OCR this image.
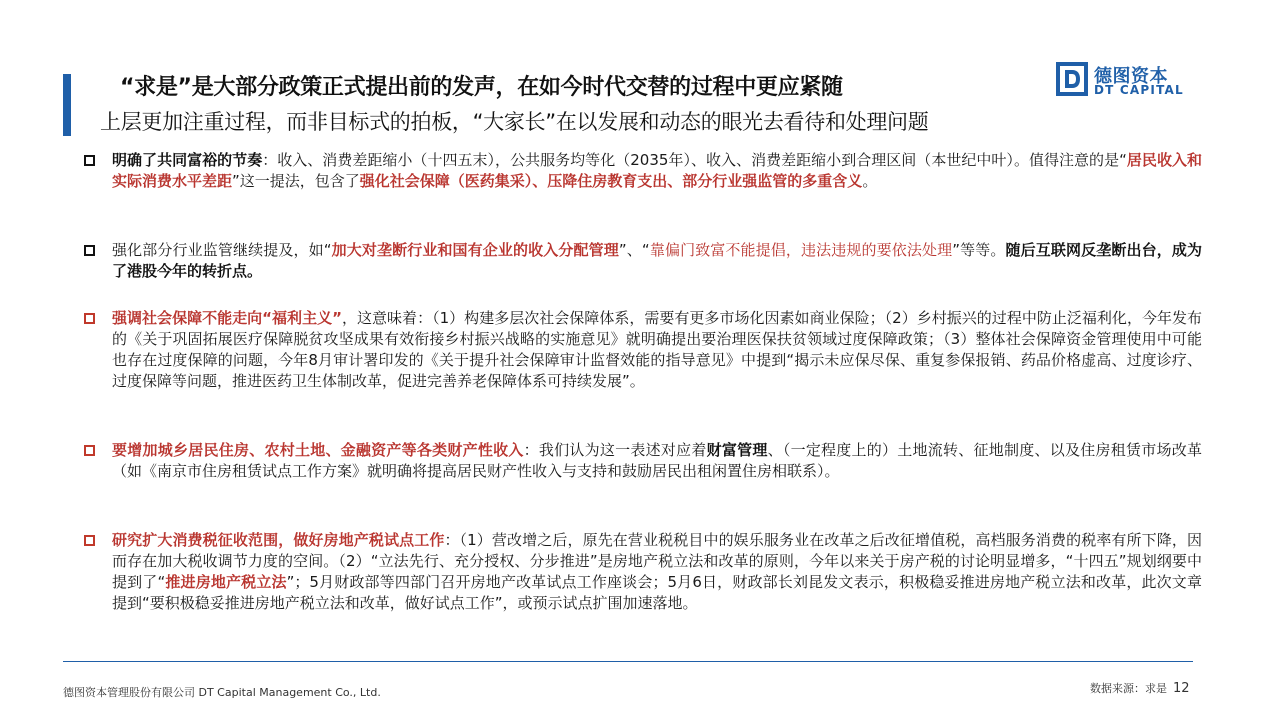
“求是”是大部分政策正式提出前的发声，在如今时代交替的过程中更应紧随
上层更加注重过程，而非目标式的拍板，“大家长”在以发展和动态的眼光去看待和处理问题
德图资本
DT CAPITAL
明确了共同富裕的节奏：收入、消费差距缩小（十四五末），公共服务均等化（2035年）、收入、消费差距缩小到合理区间（本世纪中叶）。值得注意的是“居民收入和实际消费水平差距”这一提法，包含了强化社会保障（医药集采）、压降住房教育支出、部分行业强监管的多重含义。
强化部分行业监管继续提及，如“加大对垄断行业和国有企业的收入分配管理”、“靠偏门致富不能提倡，违法违规的要依法处理”等等。随后互联网反垄断出台，成为了港股今年的转折点。
强调社会保障不能走向“福利主义”，这意味着：（1）构建多层次社会保障体系，需要有更多市场化因素如商业保险；（2）乡村振兴的过程中防止泛福利化，今年发布的《关于巩固拓展医疗保障脱贫攻坚成果有效衔接乡村振兴战略的实施意见》就明确提出要治理医保扶贫领域过度保障政策；（3）整体社会保障资金管理使用中可能也存在过度保障的问题，今年8月审计署印发的《关于提升社会保障审计监督效能的指导意见》中提到“揭示未应保尽保、重复参保报销、药品价格虚高、过度诊疗、过度保障等问题，推进医药卫生体制改革，促进完善养老保障体系可持续发展”。
要增加城乡居民住房、农村土地、金融资产等各类财产性收入：我们认为这一表述对应着财富管理、（一定程度上的）土地流转、征地制度、以及住房租赁市场改革（如《南京市住房租赁试点工作方案》就明确将提高居民财产性收入与支持和鼓励居民出租闲置住房相联系）。
研究扩大消费税征收范围，做好房地产税试点工作：（1）营改增之后，原先在营业税税目中的娱乐服务业在改革之后改征增值税，高档服务消费的税率有所下降，因而存在加大税收调节力度的空间。（2）“立法先行、充分授权、分步推进”是房地产税立法和改革的原则，今年以来关于房产税的讨论明显增多，“十四五”规划纲要中提到了“推进房地产税立法”；5月财政部等四部门召开房地产改革试点工作座谈会；5月6日，财政部长刘昆发文表示，积极稳妥推进房地产税立法和改革，此次文章提到“要积极稳妥推进房地产税立法和改革，做好试点工作”，或预示试点扩围加速落地。
德图资本管理股份有限公司 DT Capital Management Co., Ltd.	数据来源：求是 12
